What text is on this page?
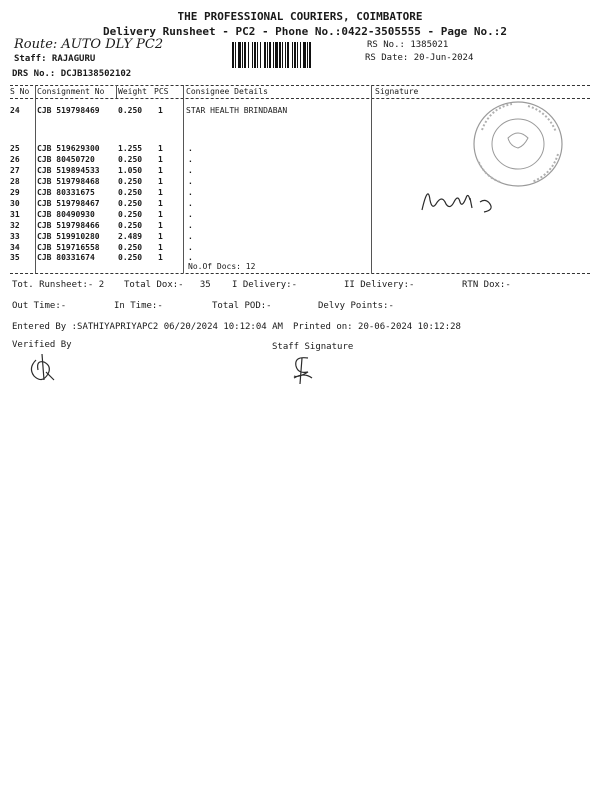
THE PROFESSIONAL COURIERS, COIMBATORE
Delivery Runsheet - PC2 - Phone No.:0422-3505555 - Page No.:2
Route: AUTO DLY PC2
Staff: RAJAGURU
DRS No.: DCJB138502102
RS No.: 1385021
RS Date: 20-Jun-2024
S No Consignment No Weight PCS Consignee Details	Signature
24 CJB 519798469 0.250 1	STAR HEALTH BRINDABAN
25 CJB 519629300 1.255 1	.
26 CJB 80450720	0.250 1	.
27 CJB 519894533 1.050 1	.
28 CJB 519798468 0.250 1	.
29 CJB 80331675	0.250 1	.
30 CJB 519798467 0.250 1	.
31 CJB 80490930	0.250 1	.
32 CJB 519798466 0.250 1	.
33 CJB 519910280 2.489 1	.
34 CJB 519716558 0.250 1	.
35 CJB 80331674	0.250 1	.
No.Of Docs: 12
Tot. Runsheet:- 2 Total Dox:-   35 I Delivery:-	II Delivery:-	RTN Dox:-
Out Time:-	In Time:-	Total POD:-	Delvy Points:-
Entered By :SATHIYAPRIYAPC2 06/20/2024 10:12:04 AM Printed on: 20-06-2024 10:12:28
Verified By	Staff Signature
